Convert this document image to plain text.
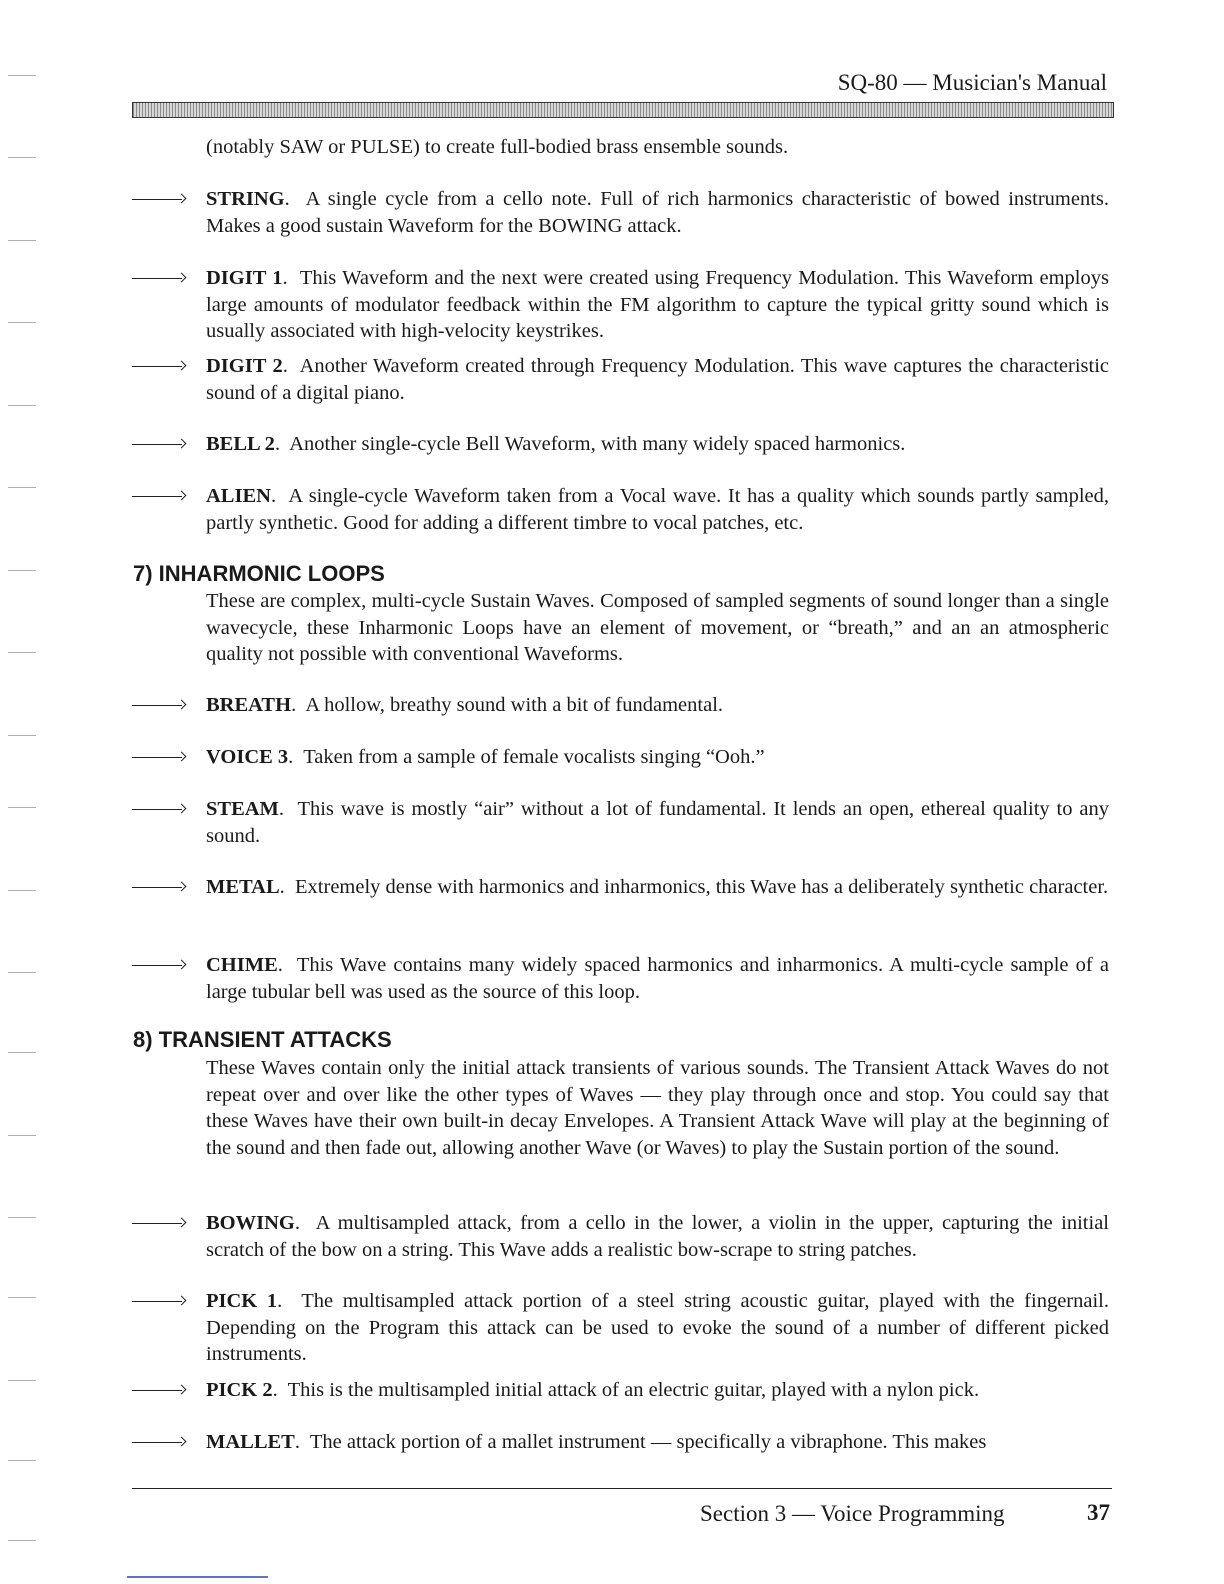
SQ-80 — Musician's Manual

(notably SAW or PULSE) to create full-bodied brass ensemble sounds.

STRING.  A single cycle from a cello note. Full of rich harmonics characteristic of bowed instruments. Makes a good sustain Waveform for the BOWING attack.

DIGIT 1.  This Waveform and the next were created using Frequency Modulation. This Waveform employs large amounts of modulator feedback within the FM algorithm to capture the typical gritty sound which is usually associated with high-velocity keystrikes.

DIGIT 2.  Another Waveform created through Frequency Modulation. This wave captures the characteristic sound of a digital piano.

BELL 2.  Another single-cycle Bell Waveform, with many widely spaced harmonics.

ALIEN.  A single-cycle Waveform taken from a Vocal wave. It has a quality which sounds partly sampled, partly synthetic. Good for adding a different timbre to vocal patches, etc.

7) INHARMONIC LOOPS

These are complex, multi-cycle Sustain Waves. Composed of sampled segments of sound longer than a single wavecycle, these Inharmonic Loops have an element of movement, or “breath,” and an an atmospheric quality not possible with conventional Waveforms.

BREATH.  A hollow, breathy sound with a bit of fundamental.

VOICE 3.  Taken from a sample of female vocalists singing “Ooh.”

STEAM.  This wave is mostly “air” without a lot of fundamental. It lends an open, ethereal quality to any sound.

METAL.  Extremely dense with harmonics and inharmonics, this Wave has a deliberately synthetic character.

CHIME.  This Wave contains many widely spaced harmonics and inharmonics. A multi-cycle sample of a large tubular bell was used as the source of this loop.

8) TRANSIENT ATTACKS

These Waves contain only the initial attack transients of various sounds. The Transient Attack Waves do not repeat over and over like the other types of Waves — they play through once and stop. You could say that these Waves have their own built-in decay Envelopes. A Transient Attack Wave will play at the beginning of the sound and then fade out, allowing another Wave (or Waves) to play the Sustain portion of the sound.

BOWING.  A multisampled attack, from a cello in the lower, a violin in the upper, capturing the initial scratch of the bow on a string. This Wave adds a realistic bow-scrape to string patches.

PICK 1.  The multisampled attack portion of a steel string acoustic guitar, played with the fingernail. Depending on the Program this attack can be used to evoke the sound of a number of different picked instruments.

PICK 2.  This is the multisampled initial attack of an electric guitar, played with a nylon pick.

MALLET.  The attack portion of a mallet instrument — specifically a vibraphone. This makes

Section 3 — Voice Programming	37
